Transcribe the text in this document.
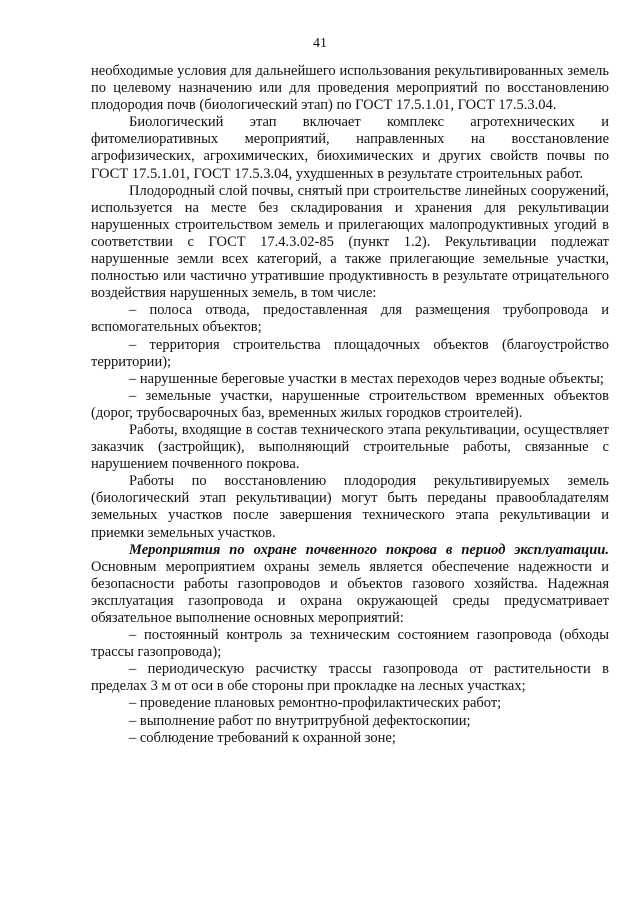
41

необходимые условия для дальнейшего использования рекультивированных земель по целевому назначению или для проведения мероприятий по восстановлению плодородия почв (биологический этап) по ГОСТ 17.5.1.01, ГОСТ 17.5.3.04.

Биологический этап включает комплекс агротехнических и фитомелиоративных мероприятий, направленных на восстановление агрофизических, агрохимических, биохимических и других свойств почвы по ГОСТ 17.5.1.01, ГОСТ 17.5.3.04, ухудшенных в результате строительных работ.

Плодородный слой почвы, снятый при строительстве линейных сооружений, используется на месте без складирования и хранения для рекультивации нарушенных строительством земель и прилегающих малопродуктивных угодий в соответствии с ГОСТ 17.4.3.02-85 (пункт 1.2). Рекультивации подлежат нарушенные земли всех категорий, а также прилегающие земельные участки, полностью или частично утратившие продуктивность в результате отрицательного воздействия нарушенных земель, в том числе:

– полоса отвода, предоставленная для размещения трубопровода и вспомогательных объектов;

– территория строительства площадочных объектов (благоустройство территории);

– нарушенные береговые участки в местах переходов через водные объекты;

– земельные участки, нарушенные строительством временных объектов (дорог, трубосварочных баз, временных жилых городков строителей).

Работы, входящие в состав технического этапа рекультивации, осуществляет заказчик (застройщик), выполняющий строительные работы, связанные с нарушением почвенного покрова.

Работы по восстановлению плодородия рекультивируемых земель (биологический этап рекультивации) могут быть переданы правообладателям земельных участков после завершения технического этапа рекультивации и приемки земельных участков.

Мероприятия по охране почвенного покрова в период эксплуатации. Основным мероприятием охраны земель является обеспечение надежности и безопасности работы газопроводов и объектов газового хозяйства. Надежная эксплуатация газопровода и охрана окружающей среды предусматривает обязательное выполнение основных мероприятий:

– постоянный контроль за техническим состоянием газопровода (обходы трассы газопровода);

– периодическую расчистку трассы газопровода от растительности в пределах 3 м от оси в обе стороны при прокладке на лесных участках;

– проведение плановых ремонтно-профилактических работ;

– выполнение работ по внутритрубной дефектоскопии;

– соблюдение требований к охранной зоне;
